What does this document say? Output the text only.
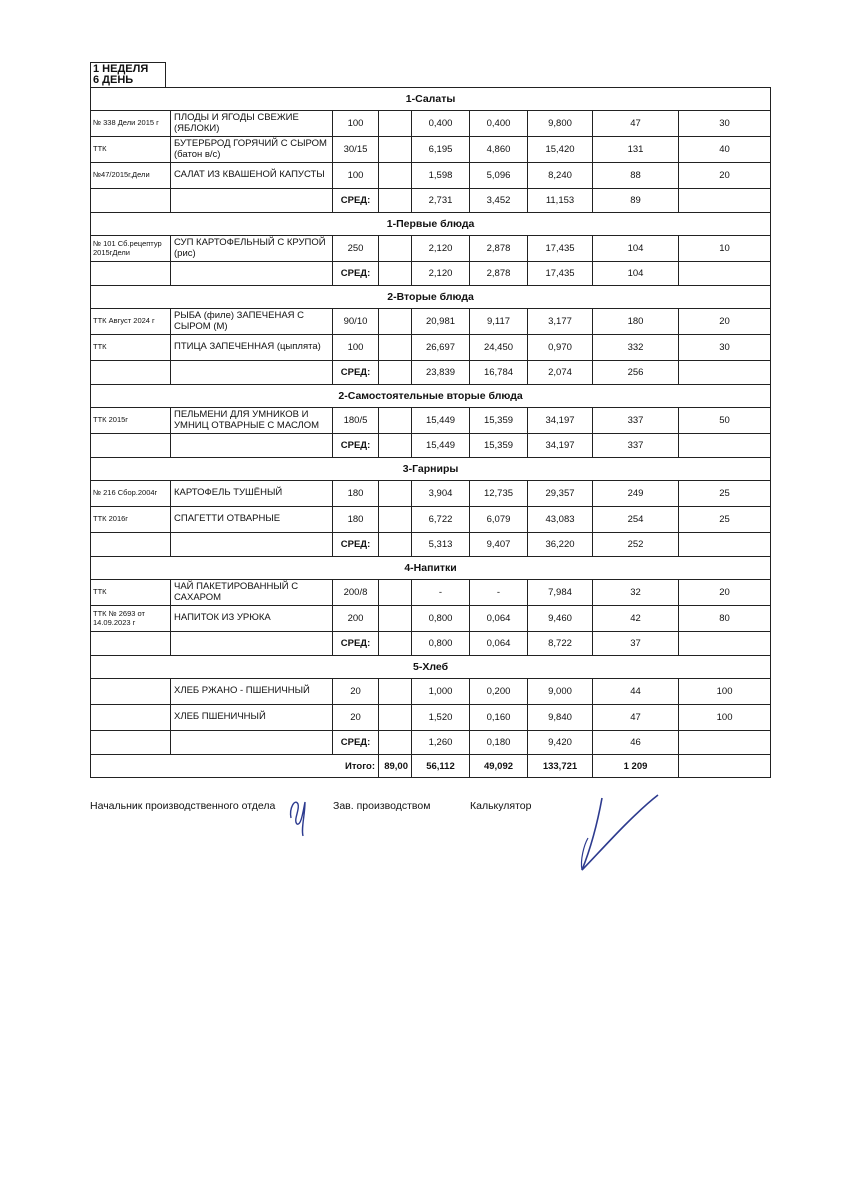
1 НЕДЕЛЯ
6 ДЕНЬ
1-Салаты								
№ 338 Дели 2015 г	ПЛОДЫ И ЯГОДЫ СВЕЖИЕ (ЯБЛОКИ)	100		0,400	0,400	9,800	47	30
ТТК	БУТЕРБРОД ГОРЯЧИЙ С СЫРОМ (батон в/с)	30/15		6,195	4,860	15,420	131	40
№47/2015г,Дели	САЛАТ ИЗ КВАШЕНОЙ КАПУСТЫ	100		1,598	5,096	8,240	88	20
		СРЕД:		2,731	3,452	11,153	89	
1-Первые блюда								
№ 101 Сб.рецептур 2015гДели	СУП КАРТОФЕЛЬНЫЙ С КРУПОЙ (рис)	250		2,120	2,878	17,435	104	10
		СРЕД:		2,120	2,878	17,435	104	
2-Вторые блюда								
ТТК Август 2024 г	РЫБА (филе) ЗАПЕЧЕНАЯ С СЫРОМ (М)	90/10		20,981	9,117	3,177	180	20
ТТК	ПТИЦА ЗАПЕЧЕННАЯ (цыплята)	100		26,697	24,450	0,970	332	30
		СРЕД:		23,839	16,784	2,074	256	
2-Самостоятельные вторые блюда								
ТТК 2015г	ПЕЛЬМЕНИ ДЛЯ УМНИКОВ И УМНИЦ ОТВАРНЫЕ С МАСЛОМ	180/5		15,449	15,359	34,197	337	50
		СРЕД:		15,449	15,359	34,197	337	
3-Гарниры								
№ 216 Сбор.2004г	КАРТОФЕЛЬ ТУШЁНЫЙ	180		3,904	12,735	29,357	249	25
ТТК 2016г	СПАГЕТТИ ОТВАРНЫЕ	180		6,722	6,079	43,083	254	25
		СРЕД:		5,313	9,407	36,220	252	
4-Напитки								
ТТК	ЧАЙ ПАКЕТИРОВАННЫЙ С САХАРОМ	200/8		-	-	7,984	32	20
ТТК № 2693 от 14.09.2023 г	НАПИТОК ИЗ УРЮКА	200		0,800	0,064	9,460	42	80
		СРЕД:		0,800	0,064	8,722	37	
5-Хлеб								
	ХЛЕБ РЖАНО - ПШЕНИЧНЫЙ	20		1,000	0,200	9,000	44	100
	ХЛЕБ ПШЕНИЧНЫЙ	20		1,520	0,160	9,840	47	100
		СРЕД:		1,260	0,180	9,420	46	
Итого:			89,00	56,112	49,092	133,721	1 209	
Начальник производственного отдела	Зав. производством	Калькулятор
